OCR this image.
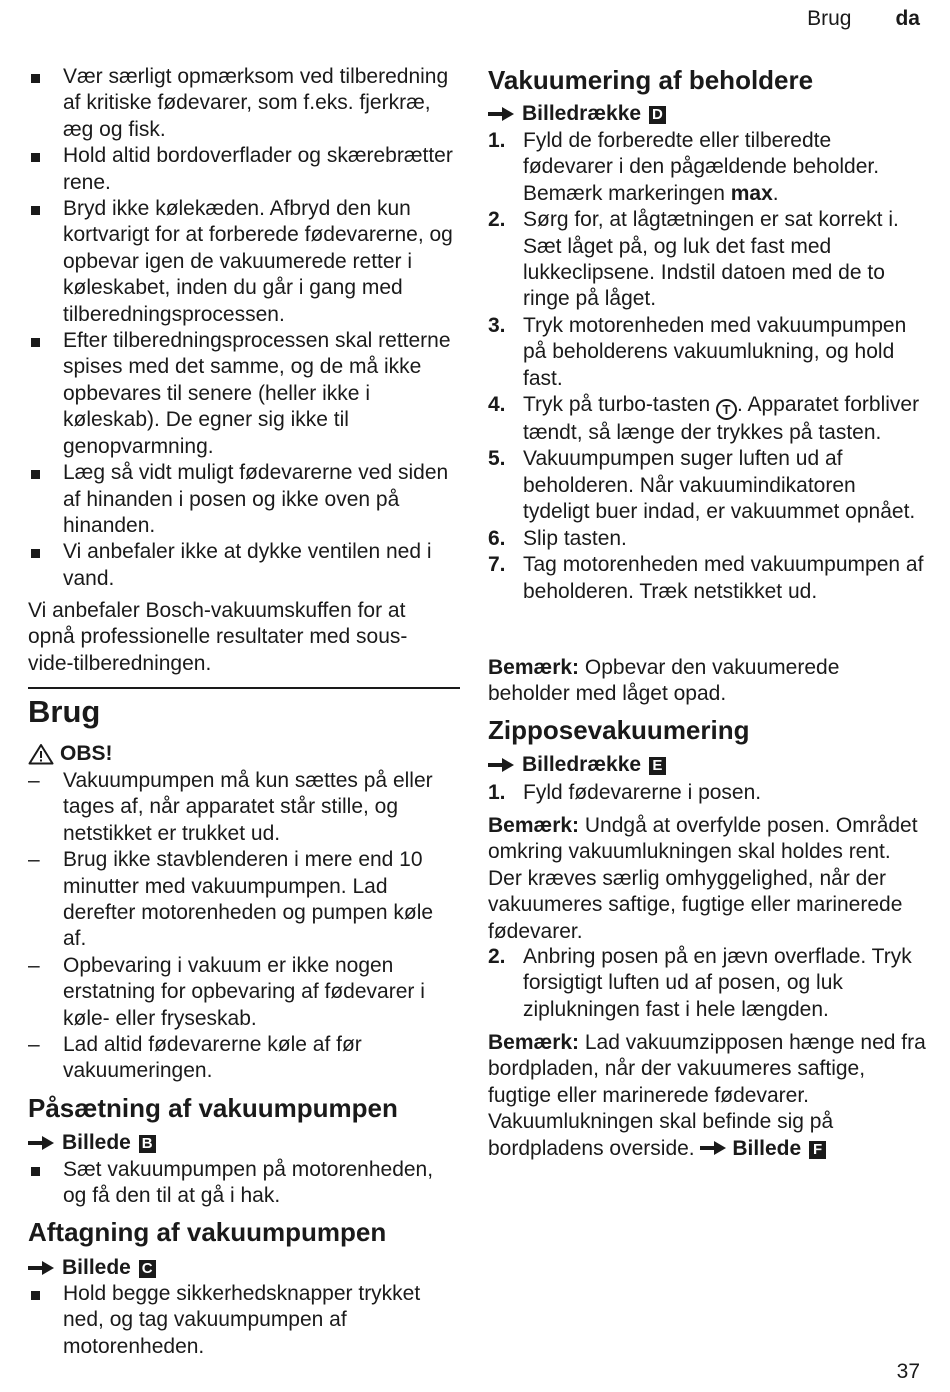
Brug da
Vær særligt opmærksom ved tilberedning af kritiske fødevarer, som f.eks. fjerkræ, æg og fisk.
Hold altid bordoverflader og skærebrætter rene.
Bryd ikke kølekæden. Afbryd den kun kortvarigt for at forberede fødevarerne, og opbevar igen de vakuumerede retter i køleskabet, inden du går i gang med tilberedningsprocessen.
Efter tilberedningsprocessen skal retterne spises med det samme, og de må ikke opbevares til senere (heller ikke i køleskab). De egner sig ikke til genopvarmning.
Læg så vidt muligt fødevarerne ved siden af hinanden i posen og ikke oven på hinanden.
Vi anbefaler ikke at dykke ventilen ned i vand.

Vi anbefaler Bosch-vakuumskuffen for at opnå professionelle resultater med sous-vide-tilberedningen.

Brug
OBS!
– Vakuumpumpen må kun sættes på eller tages af, når apparatet står stille, og netstikket er trukket ud.
– Brug ikke stavblenderen i mere end 10 minutter med vakuumpumpen. Lad derefter motorenheden og pumpen køle af.
– Opbevaring i vakuum er ikke nogen erstatning for opbevaring af fødevarer i køle- eller fryseskab.
– Lad altid fødevarerne køle af før vakuumeringen.
Påsætning af vakuumpumpen
Billede B
Sæt vakuumpumpen på motorenheden, og få den til at gå i hak.
Aftagning af vakuumpumpen
Billede C
Hold begge sikkerhedsknapper trykket ned, og tag vakuumpumpen af motorenheden.
Vakuumering af beholdere
Billedrække D
1. Fyld de forberedte eller tilberedte fødevarer i den pågældende beholder. Bemærk markeringen max.
2. Sørg for, at lågtætningen er sat korrekt i. Sæt låget på, og luk det fast med lukkeclipsene. Indstil datoen med de to ringe på låget.
3. Tryk motorenheden med vakuumpumpen på beholderens vakuumlukning, og hold fast.
4. Tryk på turbo-tasten T . Apparatet forbliver tændt, så længe der trykkes på tasten.
5. Vakuumpumpen suger luften ud af beholderen. Når vakuumindikatoren tydeligt buer indad, er vakuummet opnået.
6. Slip tasten.
7. Tag motorenheden med vakuumpumpen af beholderen. Træk netstikket ud.

Bemærk: Opbevar den vakuumerede beholder med låget opad.

Zipposevakuumering
Billedrække E
1. Fyld fødevarerne i posen.

Bemærk: Undgå at overfylde posen. Området omkring vakuumlukningen skal holdes rent. Der kræves særlig omhyggelighed, når der vakuumeres saftige, fugtige eller marinerede fødevarer.

2. Anbring posen på en jævn overflade. Tryk forsigtigt luften ud af posen, og luk ziplukningen fast i hele længden.

Bemærk: Lad vakuumzipposen hænge ned fra bordpladen, når der vakuumeres saftige, fugtige eller marinerede fødevarer. Vakuumlukningen skal befinde sig på bordpladens overside.  Billede F

37
